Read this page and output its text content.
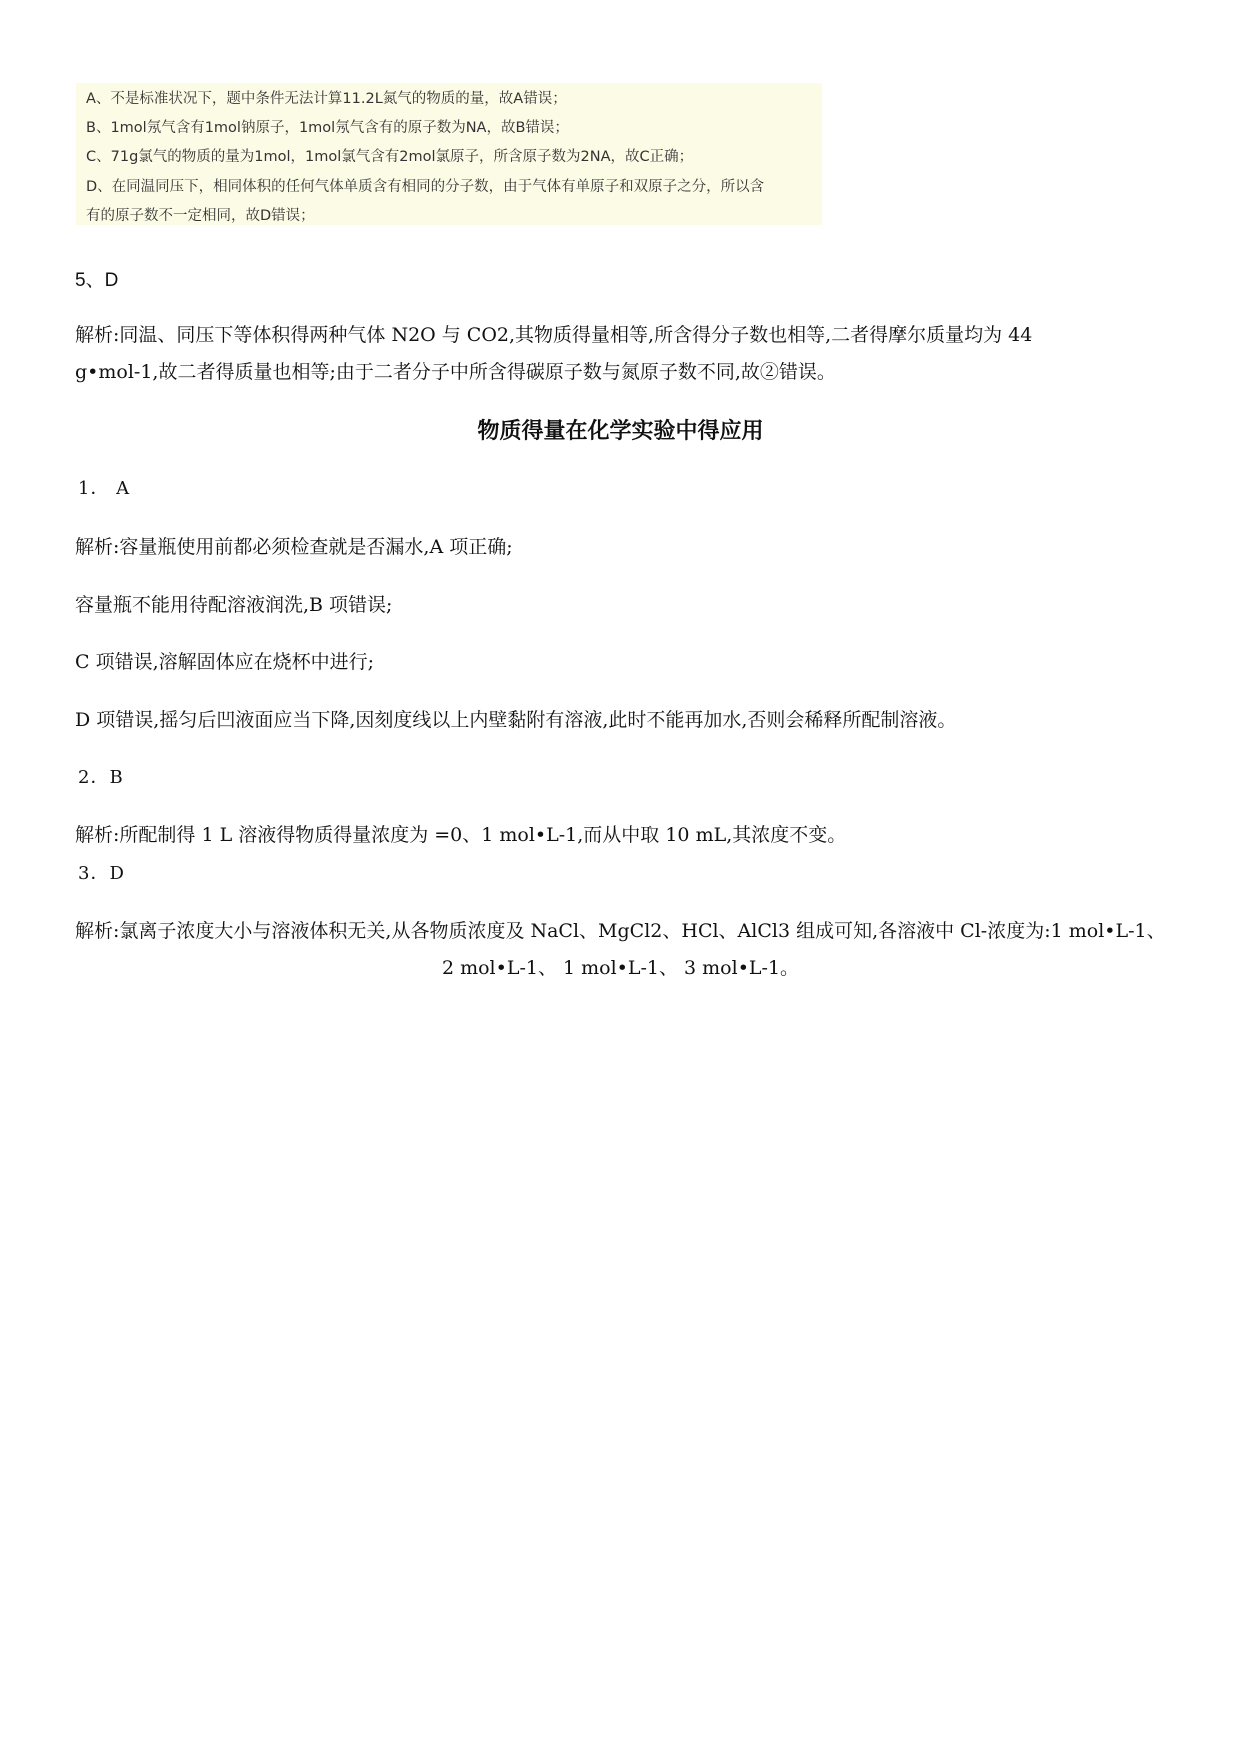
A、不是标准状况下，题中条件无法计算11.2L氮气的物质的量，故A错误；
B、1mol氖气含有1mol钠原子，1mol氖气含有的原子数为NA，故B错误；
C、71g氯气的物质的量为1mol，1mol氯气含有2mol氯原子，所含原子数为2NA，故C正确；
D、在同温同压下，相同体积的任何气体单质含有相同的分子数，由于气体有单原子和双原子之分，所以含
有的原子数不一定相同，故D错误；
5、D
解析:同温、同压下等体积得两种气体 N2O 与 CO2,其物质得量相等,所含得分子数也相等,二者得摩尔质量均为 44
g•mol-1,故二者得质量也相等;由于二者分子中所含得碳原子数与氮原子数不同,故②错误。
物质得量在化学实验中得应用
1． A
解析:容量瓶使用前都必须检查就是否漏水,A 项正确;
容量瓶不能用待配溶液润洗,B 项错误;
C 项错误,溶解固体应在烧杯中进行;
D 项错误,摇匀后凹液面应当下降,因刻度线以上内壁黏附有溶液,此时不能再加水,否则会稀释所配制溶液。
2．B
解析:所配制得 1 L 溶液得物质得量浓度为 =0、1 mol•L-1,而从中取 10 mL,其浓度不变。
3．D
解析:氯离子浓度大小与溶液体积无关,从各物质浓度及 NaCl、MgCl2、HCl、AlCl3 组成可知,各溶液中 Cl-浓度为:1 mol•L-1、
2 mol•L-1、 1 mol•L-1、 3 mol•L-1。
